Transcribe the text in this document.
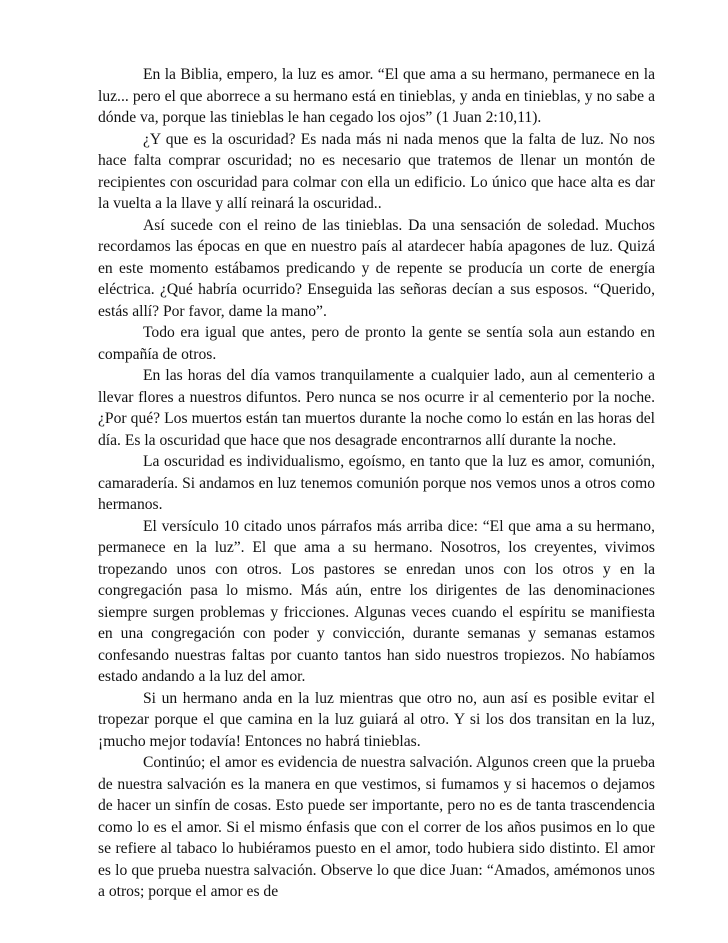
En la Biblia, empero, la luz es amor. “El que ama a su hermano, permanece en la luz... pero el que aborrece a su hermano está en tinieblas, y anda en tinieblas, y no sabe a dónde va, porque las tinieblas le han cegado los ojos” (1 Juan 2:10,11).

¿Y que es la oscuridad? Es nada más ni nada menos que la falta de luz. No nos hace falta comprar oscuridad; no es necesario que tratemos de llenar un montón de recipientes con oscuridad para colmar con ella un edificio. Lo único que hace alta es dar la vuelta a la llave y allí reinará la oscuridad..

Así sucede con el reino de las tinieblas. Da una sensación de soledad. Muchos recordamos las épocas en que en nuestro país al atardecer había apagones de luz. Quizá en este momento estábamos predicando y de repente se producía un corte de energía eléctrica. ¿Qué habría ocurrido? Enseguida las señoras decían a sus esposos. “Querido, estás allí? Por favor, dame la mano”.

Todo era igual que antes, pero de pronto la gente se sentía sola aun estando en compañía de otros.

En las horas del día vamos tranquilamente a cualquier lado, aun al cementerio a llevar flores a nuestros difuntos. Pero nunca se nos ocurre ir al cementerio por la noche.¿Por qué? Los muertos están tan muertos durante la noche como lo están en las horas del día. Es la oscuridad que hace que nos desagrade encontrarnos allí durante la noche.

La oscuridad es individualismo, egoísmo, en tanto que la luz es amor, comunión, camaradería. Si andamos en luz tenemos comunión porque nos vemos unos a otros como hermanos.

El versículo 10 citado unos párrafos más arriba dice: “El que ama a su hermano, permanece en la luz”. El que ama a su hermano. Nosotros, los creyentes, vivimos tropezando unos con otros. Los pastores se enredan unos con los otros y en la congregación pasa lo mismo. Más aún, entre los dirigentes de las denominaciones siempre surgen problemas y fricciones. Algunas veces cuando el espíritu se manifiesta en una congregación con poder y convicción, durante semanas y semanas estamos confesando nuestras faltas por cuanto tantos han sido nuestros tropiezos. No habíamos estado andando a la luz del amor.

Si un hermano anda en la luz mientras que otro no, aun así es posible evitar el tropezar porque el que camina en la luz guiará al otro. Y si los dos transitan en la luz, ¡mucho mejor todavía! Entonces no habrá tinieblas.

Continúo; el amor es evidencia de nuestra salvación. Algunos creen que la prueba de nuestra salvación es la manera en que vestimos, si fumamos y si hacemos o dejamos de hacer un sinfín de cosas. Esto puede ser importante, pero no es de tanta trascendencia como lo es el amor. Si el mismo énfasis que con el correr de los años pusimos en lo que se refiere al tabaco lo hubiéramos puesto en el amor, todo hubiera sido distinto. El amor es lo que prueba nuestra salvación. Observe lo que dice Juan: “Amados, amémonos unos a otros; porque el amor es de
